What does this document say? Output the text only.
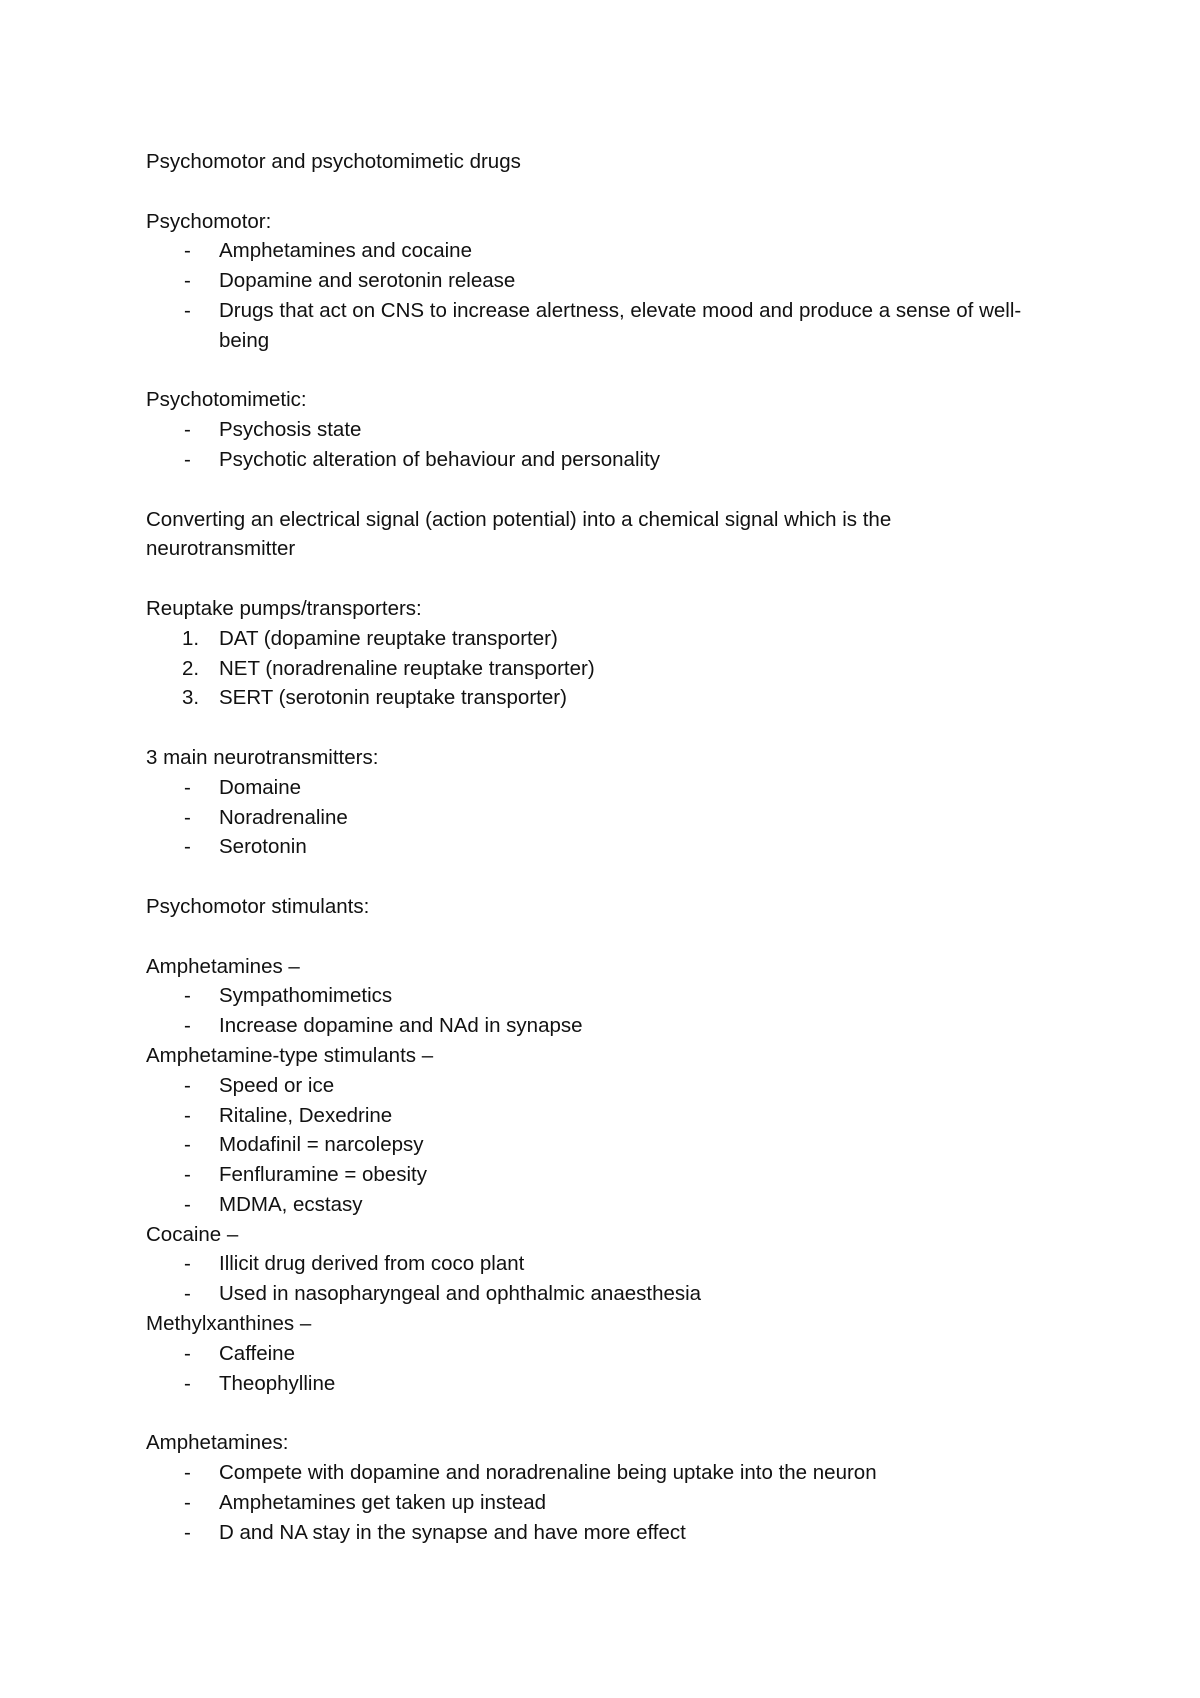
Psychomotor and psychotomimetic drugs

Psychomotor:

- Amphetamines and cocaine
- Dopamine and serotonin release
- Drugs that act on CNS to increase alertness, elevate mood and produce a sense of well-being

Psychotomimetic:

- Psychosis state
- Psychotic alteration of behaviour and personality

Converting an electrical signal (action potential) into a chemical signal which is the neurotransmitter

Reuptake pumps/transporters:

1. DAT (dopamine reuptake transporter)
2. NET (noradrenaline reuptake transporter)
3. SERT (serotonin reuptake transporter)

3 main neurotransmitters:

- Domaine
- Noradrenaline
- Serotonin

Psychomotor stimulants:

Amphetamines –

- Sympathomimetics
- Increase dopamine and NAd in synapse

Amphetamine-type stimulants –

- Speed or ice
- Ritaline, Dexedrine
- Modafinil = narcolepsy
- Fenfluramine = obesity
- MDMA, ecstasy

Cocaine –

- Illicit drug derived from coco plant
- Used in nasopharyngeal and ophthalmic anaesthesia

Methylxanthines –

- Caffeine
- Theophylline

Amphetamines:

- Compete with dopamine and noradrenaline being uptake into the neuron
- Amphetamines get taken up instead
- D and NA stay in the synapse and have more effect
